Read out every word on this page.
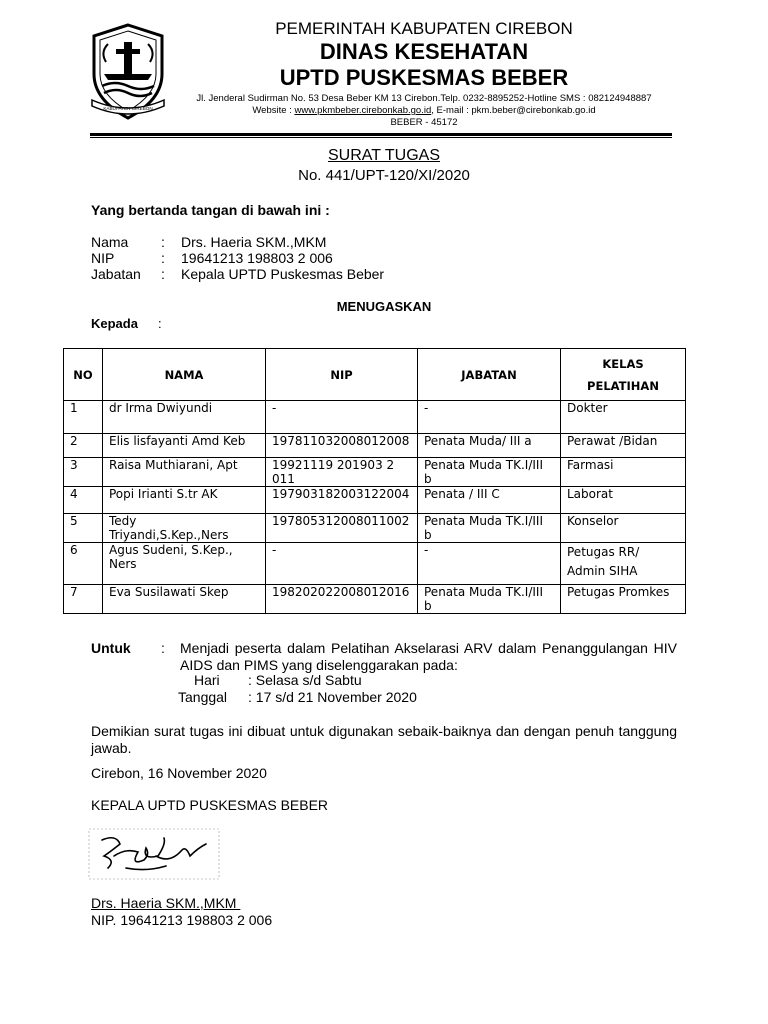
KABUPATEN CIREBON
PEMERINTAH KABUPATEN CIREBON
DINAS KESEHATAN
UPTD PUSKESMAS BEBER
Jl. Jenderal Sudirman No. 53 Desa Beber KM 13 Cirebon.Telp. 0232-8895252-Hotline SMS : 082124948887
Website : www.pkmbeber.cirebonkab.go.id, E-mail : pkm.beber@cirebonkab.go.id
BEBER - 45172
SURAT TUGAS
No. 441/UPT-120/XI/2020
Yang bertanda tangan di bawah ini :
Nama : Drs. Haeria SKM.,MKM
NIP	: 19641213 198803 2 006
Jabatan : Kepala UPTD Puskesmas Beber
MENUGASKAN
Kepada :
NO	NAMA	NIP	JABATAN	KELAS PELATIHAN
1	dr Irma Dwiyundi	-	-	Dokter
2	Elis lisfayanti Amd Keb	197811032008012008	Penata Muda/ III a	Perawat /Bidan
3	Raisa Muthiarani, Apt	19921119 201903 2 011	Penata Muda TK.I/III b	Farmasi
4	Popi Irianti S.tr AK	197903182003122004	Penata / III C	Laborat
5	Tedy Triyandi,S.Kep.,Ners	197805312008011002	Penata Muda TK.I/III b	Konselor
6	Agus Sudeni, S.Kep., Ners	-	-	Petugas RR/ Admin SIHA
7	Eva Susilawati Skep	198202022008012016	Penata Muda TK.I/III b	Petugas Promkes
Untuk : Menjadi peserta dalam Pelatihan Akselarasi ARV dalam Penanggulangan HIV AIDS dan PIMS yang diselenggarakan pada:
Hari : Selasa s/d Sabtu
Tanggal : 17 s/d 21 November 2020
Demikian surat tugas ini dibuat untuk digunakan sebaik-baiknya dan dengan penuh tanggung jawab.
Cirebon, 16 November 2020
KEPALA UPTD PUSKESMAS BEBER
Drs. Haeria SKM.,MKM
NIP. 19641213 198803 2 006
